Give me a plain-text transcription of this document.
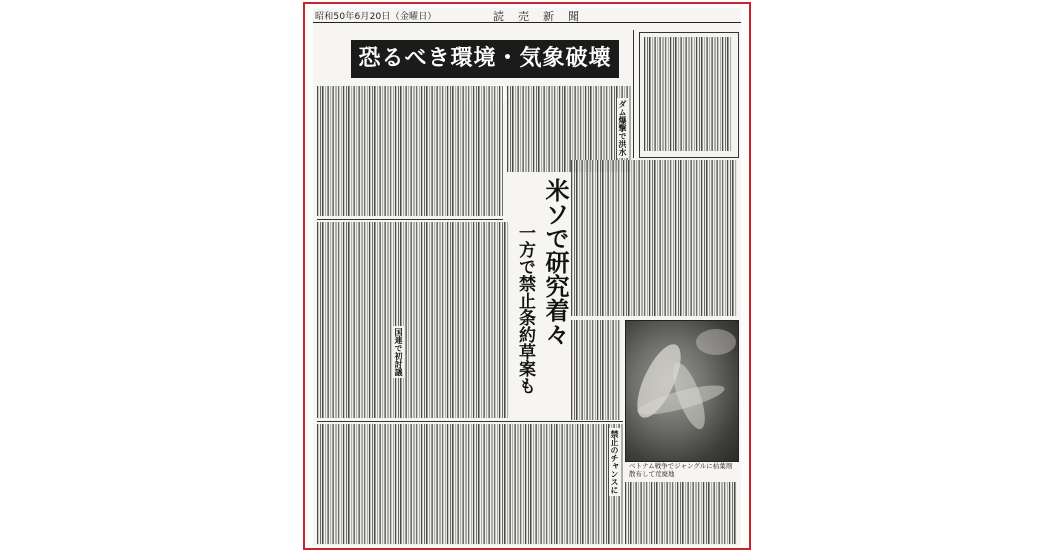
昭和50年6月20日（金曜日）	読売新聞
恐るべき環境・気象破壊
米ソで研究着々
一方で禁止条約草案も
ダム爆撃で洪水
禁止のチャンスに
国連で初討議
ベトナム戦争でジャングルに枯葉剤散布して荒廃地
